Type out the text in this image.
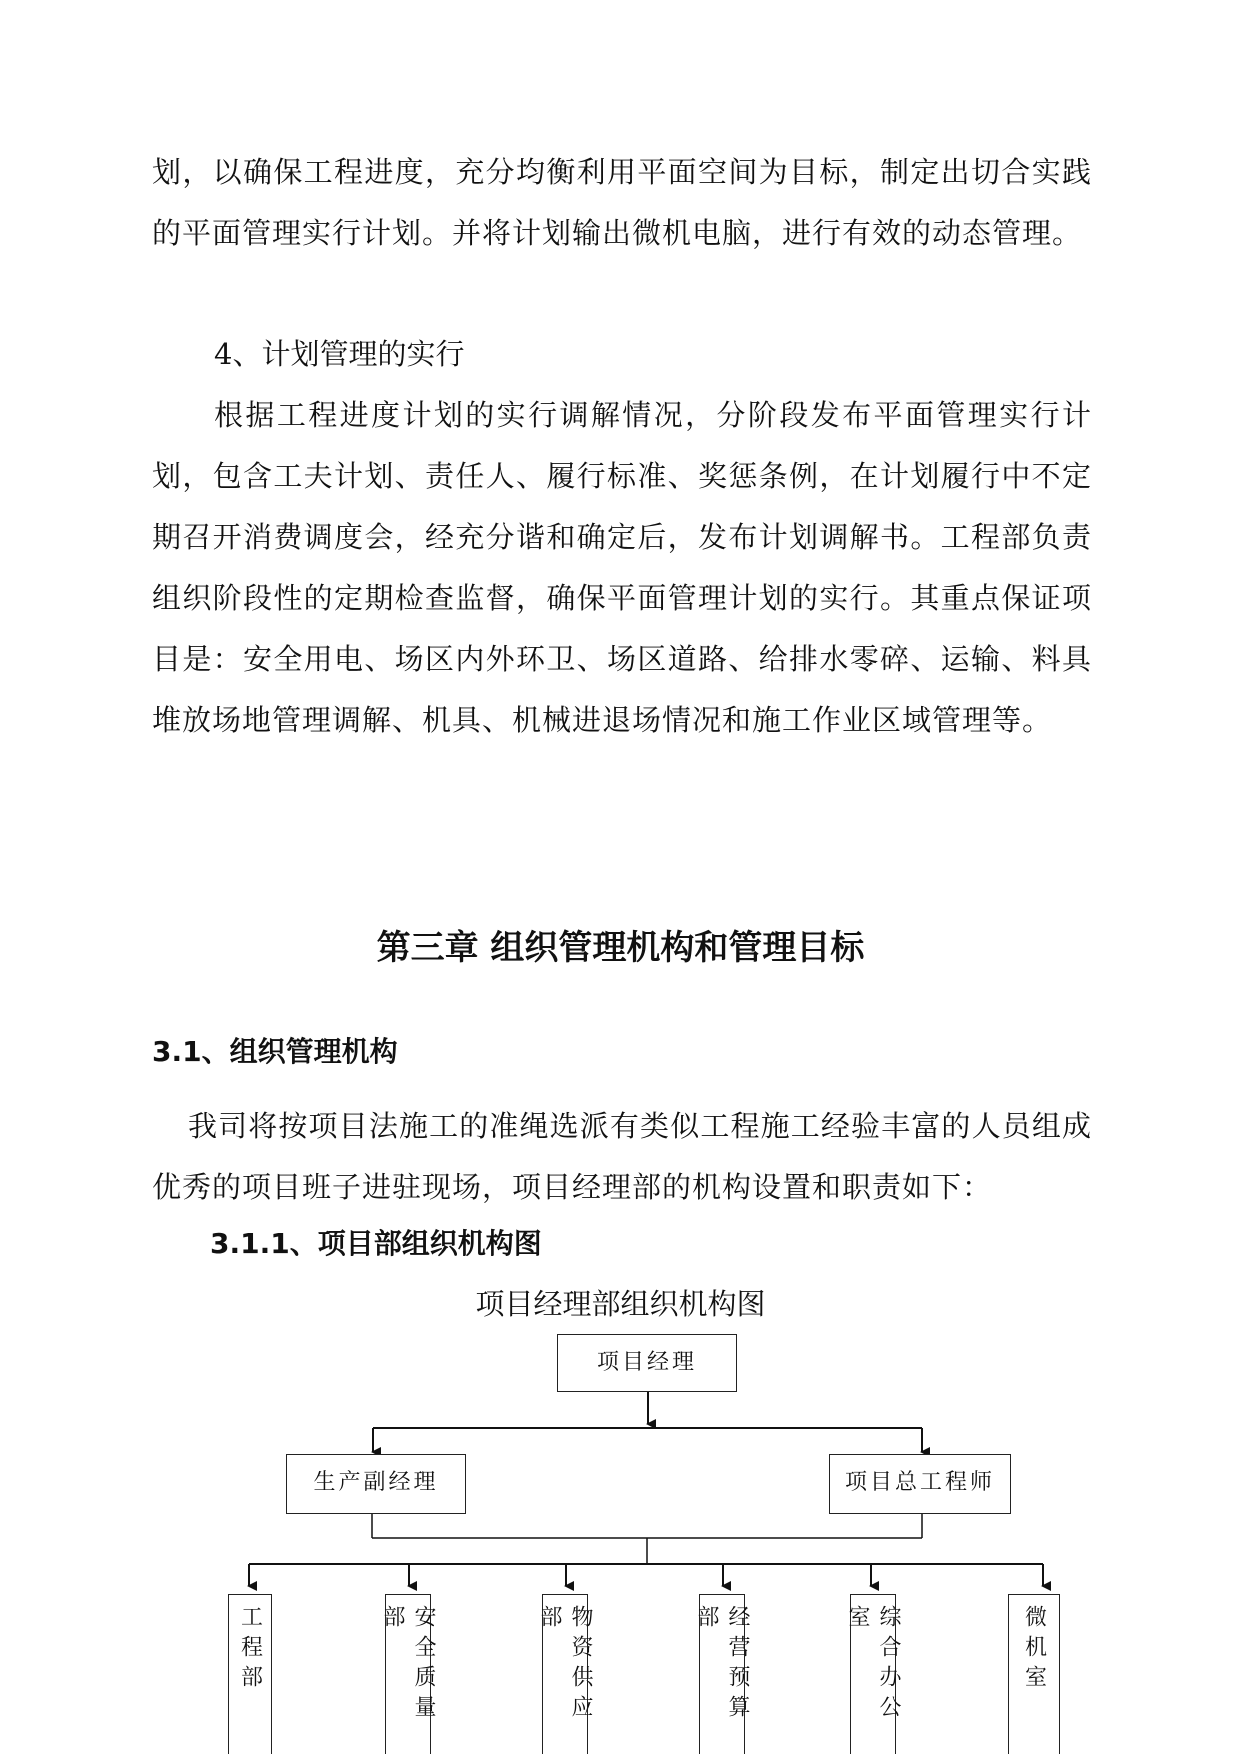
划，以确保工程进度，充分均衡利用平面空间为目标，制定出切合实践的平面管理实行计划。并将计划输出微机电脑，进行有效的动态管理。

4、计划管理的实行

根据工程进度计划的实行调解情况，分阶段发布平面管理实行计划，包含工夫计划、责任人、履行标准、奖惩条例，在计划履行中不定期召开消费调度会，经充分谐和确定后，发布计划调解书。工程部负责组织阶段性的定期检查监督，确保平面管理计划的实行。其重点保证项目是：安全用电、场区内外环卫、场区道路、给排水零碎、运输、料具堆放场地管理调解、机具、机械进退场情况和施工作业区域管理等。

第三章 组织管理机构和管理目标
3.1、组织管理机构

我司将按项目法施工的准绳选派有类似工程施工经验丰富的人员组成优秀的项目班子进驻现场，项目经理部的机构设置和职责如下：

3.1.1、项目部组织机构图

项目经理部组织机构图

项目经理
生产副经理	项目总工程师
工程部	安全质量部	物资供应部	经营预算部	综合办公室	微机室
